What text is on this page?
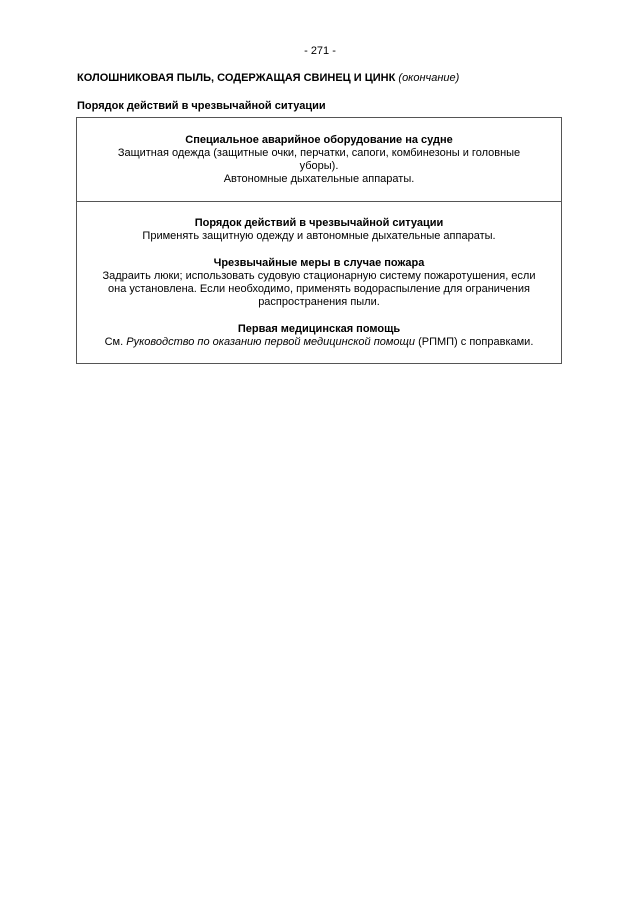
- 271 -
КОЛОШНИКОВАЯ ПЫЛЬ, СОДЕРЖАЩАЯ СВИНЕЦ И ЦИНК (окончание)
Порядок действий в чрезвычайной ситуации
Специальное аварийное оборудование на судне
Защитная одежда (защитные очки, перчатки, сапоги, комбинезоны и головные
уборы).
Автономные дыхательные аппараты.
Порядок действий в чрезвычайной ситуации
Применять защитную одежду и автономные дыхательные аппараты.
Чрезвычайные меры в случае пожара
Задраить люки; использовать судовую стационарную систему пожаротушения, если
она установлена. Если необходимо, применять водораспыление для ограничения
распространения пыли.
Первая медицинская помощь
См. Руководство по оказанию первой медицинской помощи (РПМП) с поправками.
